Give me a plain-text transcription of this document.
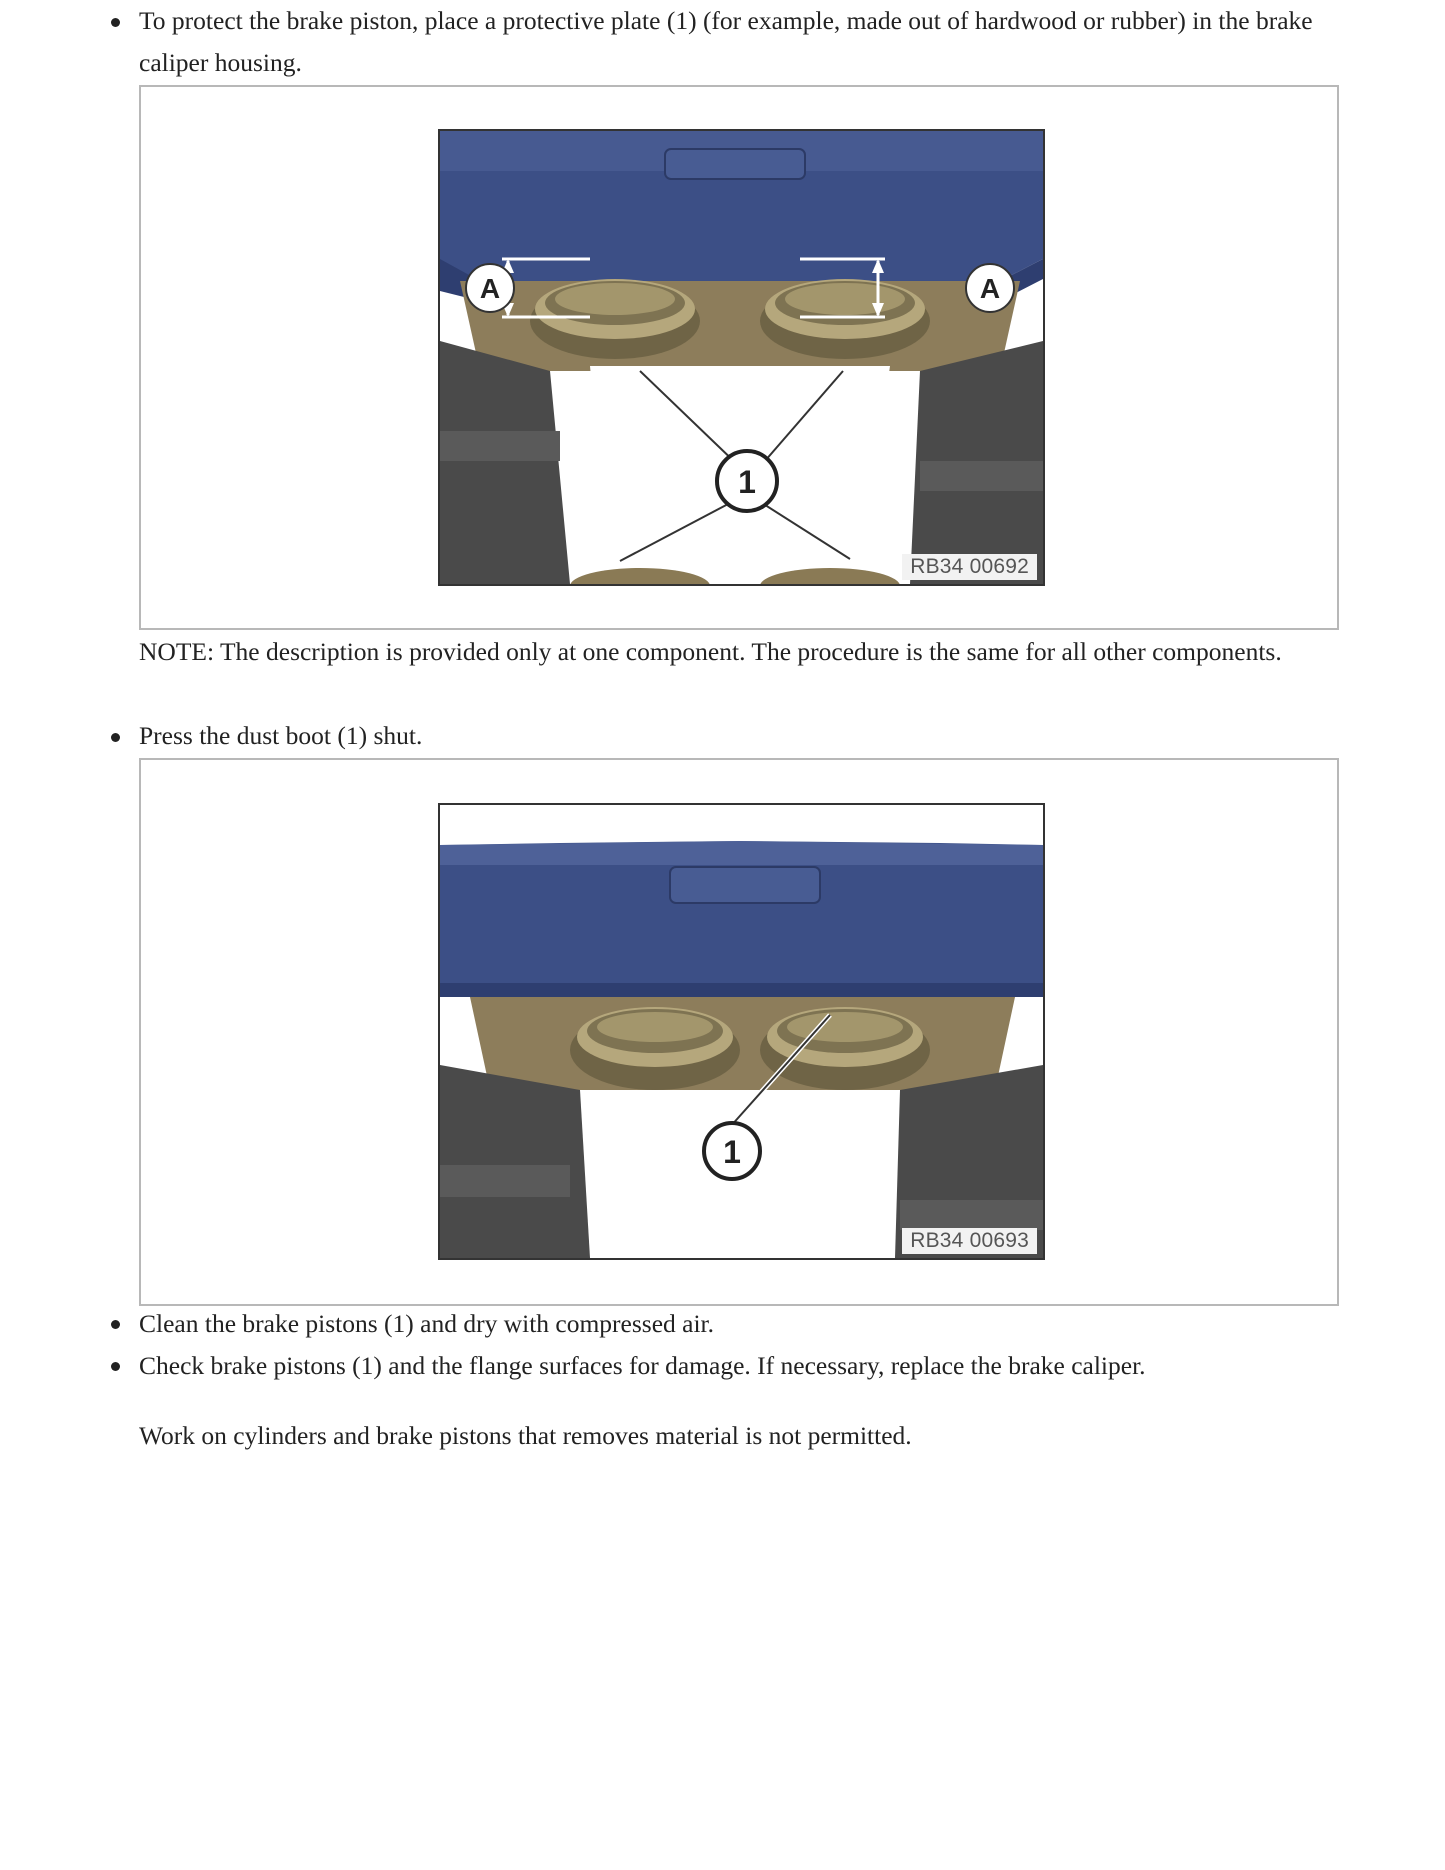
To protect the brake piston, place a protective plate (1) (for example, made out of hardwood or rubber) in the brake caliper housing.
A	A
1
RB34 00692
NOTE: The description is provided only at one component. The procedure is the same for all other components.
Press the dust boot (1) shut.
1
RB34 00693
Clean the brake pistons (1) and dry with compressed air.
Check brake pistons (1) and the flange surfaces for damage. If necessary, replace the brake caliper.
Work on cylinders and brake pistons that removes material is not permitted.
